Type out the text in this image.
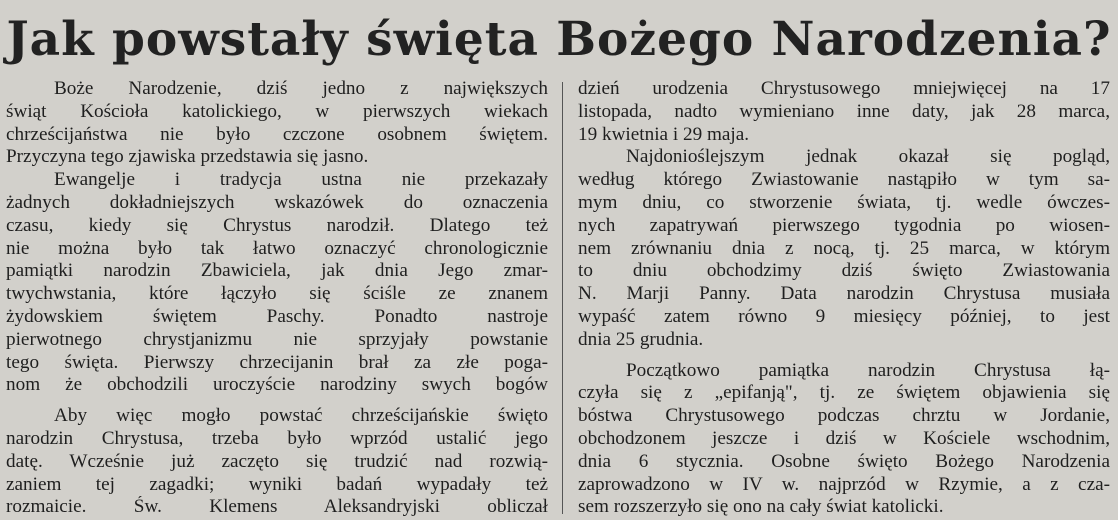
Jak powstały święta Bożego Narodzenia?
Boże Narodzenie, dziś jedno z największych
świąt Kościoła katolickiego, w pierwszych wiekach
chrześcijaństwa nie było czczone osobnem świętem.
Przyczyna tego zjawiska przedstawia się jasno.
Ewangelje i tradycja ustna nie przekazały
żadnych dokładniejszych wskazówek do oznaczenia
czasu, kiedy się Chrystus narodził. Dlatego też
nie można było tak łatwo oznaczyć chronologicznie
pamiątki narodzin Zbawiciela, jak dnia Jego zmar-
twychwstania, które łączyło się ściśle ze znanem
żydowskiem świętem Paschy. Ponadto nastroje
pierwotnego chrystjanizmu nie sprzyjały powstanie
tego święta. Pierwszy chrzecijanin brał za złe poga-
nom że obchodzili uroczyście narodziny swych bogów
Aby więc mogło powstać chrześcijańskie święto
narodzin Chrystusa, trzeba było wprzód ustalić jego
datę. Wcześnie już zaczęto się trudzić nad rozwią-
zaniem tej zagadki; wyniki badań wypadały też
rozmaicie. Św. Klemens Aleksandryjski obliczał
dzień urodzenia Chrystusowego mniejwięcej na 17
listopada, nadto wymieniano inne daty, jak 28 marca,
19 kwietnia i 29 maja.
Najdonioślejszym jednak okazał się pogląd,
według którego Zwiastowanie nastąpiło w tym sa-
mym dniu, co stworzenie świata, tj. wedle ówczes-
nych zapatrywań pierwszego tygodnia po wiosen-
nem zrównaniu dnia z nocą, tj. 25 marca, w którym
to dniu obchodzimy dziś święto Zwiastowania
N. Marji Panny. Data narodzin Chrystusa musiała
wypaść zatem równo 9 miesięcy później, to jest
dnia 25 grudnia.
Początkowo pamiątka narodzin Chrystusa łą-
czyła się z „epifanją", tj. ze świętem objawienia się
bóstwa Chrystusowego podczas chrztu w Jordanie,
obchodzonem jeszcze i dziś w Kościele wschodnim,
dnia 6 stycznia. Osobne święto Bożego Narodzenia
zaprowadzono w IV w. najprzód w Rzymie, a z cza-
sem rozszerzyło się ono na cały świat katolicki.
